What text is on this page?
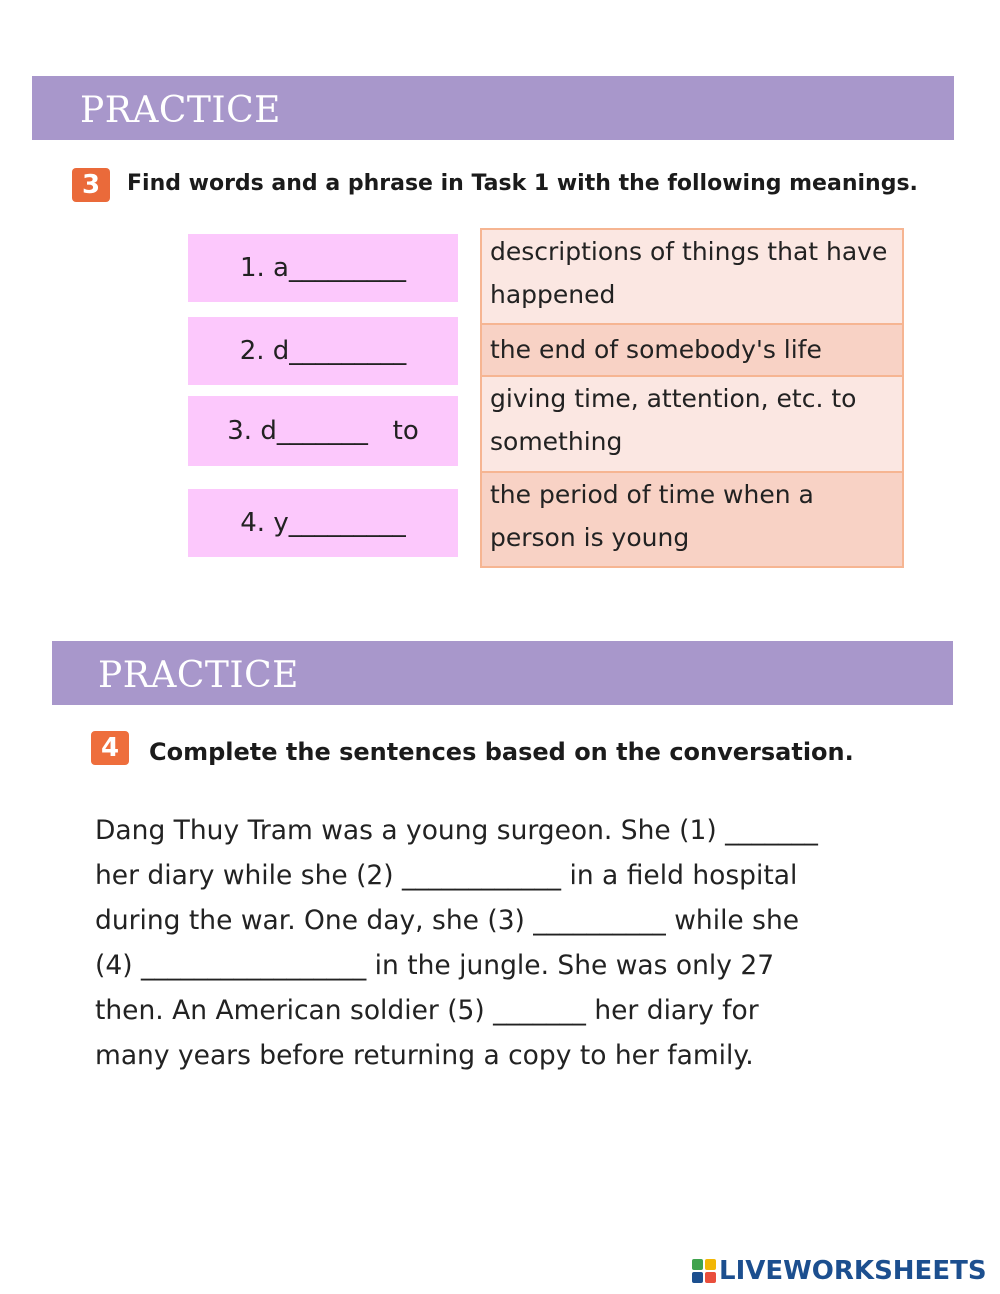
PRACTICE
3	Find words and a phrase in Task 1 with the following meanings.
1. a_________
2. d_________
3. d_______   to
4. y_________
descriptions of things that have happened
the end of somebody's life
giving time, attention, etc. to something
the period of time when a person is young
PRACTICE
4	Complete the sentences based on the conversation.
Dang Thuy Tram was a young surgeon. She (1) _______
her diary while she (2) ____________ in a field hospital
during the war. One day, she (3) __________ while she
(4) _________________ in the jungle. She was only 27
then. An American soldier (5) _______ her diary for
many years before returning a copy to her family.
LIVEWORKSHEETS
